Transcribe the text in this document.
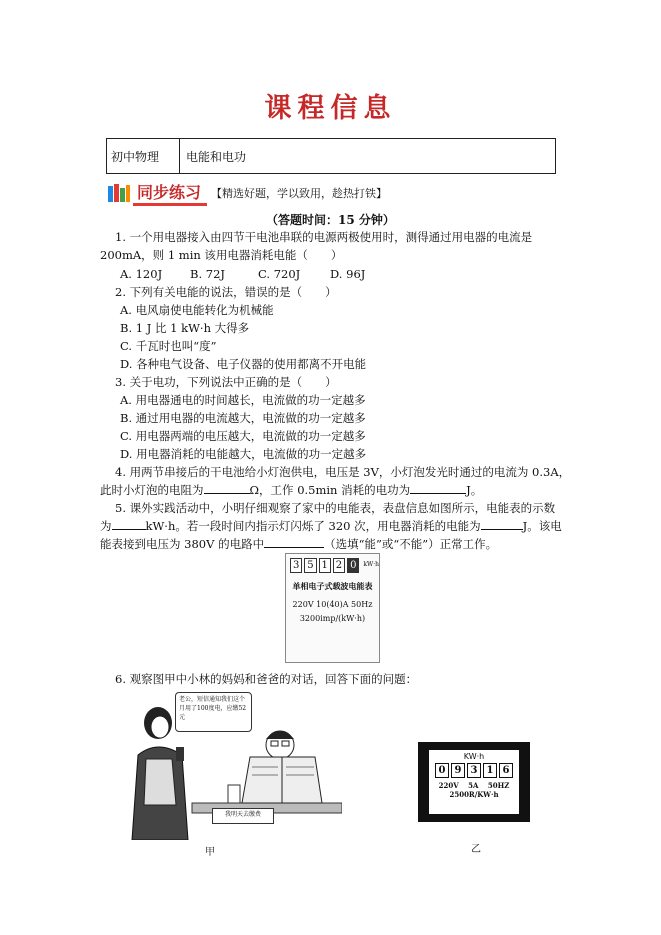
课程信息
初中物理	电能和电功
同步练习 【精选好题，学以致用，趁热打铁】
（答题时间：15 分钟）
1. 一个用电器接入由四节干电池串联的电源两极使用时，测得通过用电器的电流是
200mA，则 1 min 该用电器消耗电能（　　）
A. 120J B. 72J	C. 720J	D. 96J
2. 下列有关电能的说法，错误的是（　　）
A. 电风扇使电能转化为机械能
B. 1 J 比 1 kW·h 大得多
C. 千瓦时也叫“度”
D. 各种电气设备、电子仪器的使用都离不开电能
3. 关于电功，下列说法中正确的是（　　）
A. 用电器通电的时间越长，电流做的功一定越多
B. 通过用电器的电流越大，电流做的功一定越多
C. 用电器两端的电压越大，电流做的功一定越多
D. 用电器消耗的电能越大，电流做的功一定越多
4. 用两节串接后的干电池给小灯泡供电，电压是 3V，小灯泡发光时通过的电流为 0.3A，
此时小灯泡的电阻为	Ω，工作 0.5min 消耗的电功为	J。
5. 课外实践活动中，小明仔细观察了家中的电能表，表盘信息如图所示，电能表的示数
为	kW·h。若一段时间内指示灯闪烁了 320 次，用电器消耗的电能为	J。该电
能表接到电压为 380V 的电路中	（选填“能”或“不能”）正常工作。
3 5 1 2 0	kW·h
单相电子式载波电能表
220V 10(40)A 50Hz
3200imp/(kW·h)
6. 观察图甲中小林的妈妈和爸爸的对话，回答下面的问题：
老公，短信通知我们这个月用了100度电，应缴52元
我明天去缴费
甲
KW·h
0 9 3 1 6
220V　 5A　 50HZ
2500R/KW·h
乙
